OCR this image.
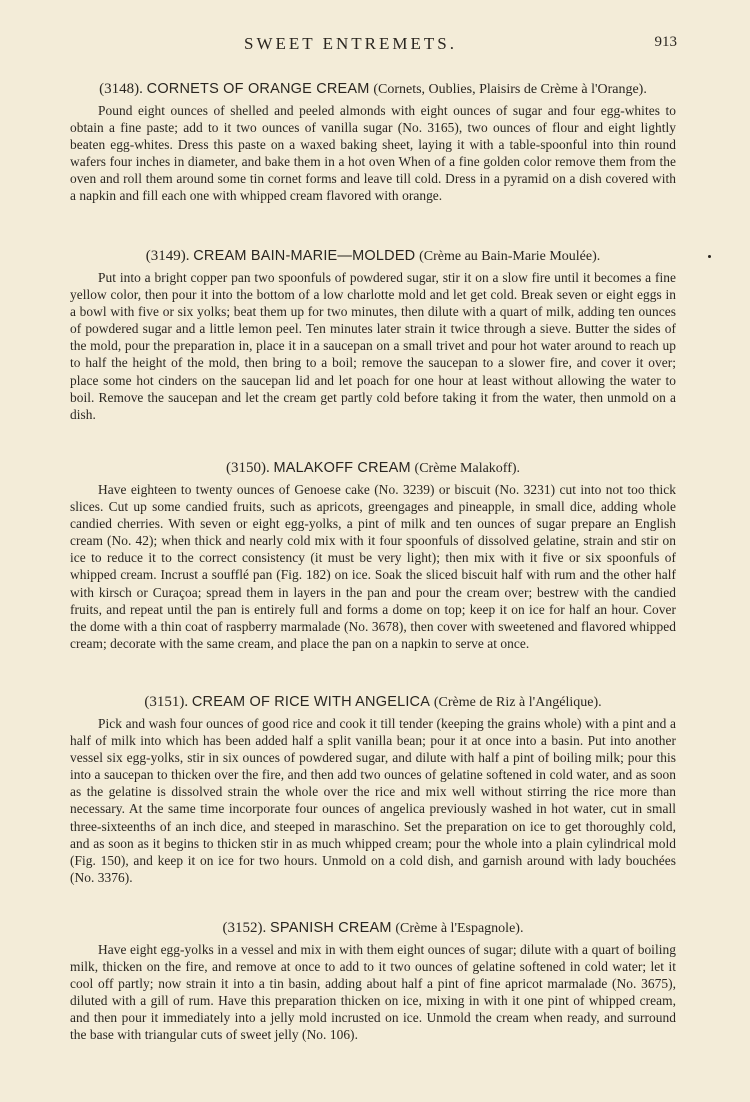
SWEET ENTREMETS.	913
(3148). CORNETS OF ORANGE CREAM (Cornets, Oublies, Plaisirs de Crème à l'Orange).

Pound eight ounces of shelled and peeled almonds with eight ounces of sugar and four egg-whites to obtain a fine paste; add to it two ounces of vanilla sugar (No. 3165), two ounces of flour and eight lightly beaten egg-whites. Dress this paste on a waxed baking sheet, laying it with a table-spoonful into thin round wafers four inches in diameter, and bake them in a hot oven When of a fine golden color remove them from the oven and roll them around some tin cornet forms and leave till cold. Dress in a pyramid on a dish covered with a napkin and fill each one with whipped cream flavored with orange.

(3149). CREAM BAIN-MARIE—MOLDED (Crème au Bain-Marie Moulée).

Put into a bright copper pan two spoonfuls of powdered sugar, stir it on a slow fire until it becomes a fine yellow color, then pour it into the bottom of a low charlotte mold and let get cold. Break seven or eight eggs in a bowl with five or six yolks; beat them up for two minutes, then dilute with a quart of milk, adding ten ounces of powdered sugar and a little lemon peel. Ten minutes later strain it twice through a sieve. Butter the sides of the mold, pour the preparation in, place it in a saucepan on a small trivet and pour hot water around to reach up to half the height of the mold, then bring to a boil; remove the saucepan to a slower fire, and cover it over; place some hot cinders on the saucepan lid and let poach for one hour at least without allowing the water to boil. Remove the saucepan and let the cream get partly cold before taking it from the water, then unmold on a dish.

(3150). MALAKOFF CREAM (Crème Malakoff).

Have eighteen to twenty ounces of Genoese cake (No. 3239) or biscuit (No. 3231) cut into not too thick slices. Cut up some candied fruits, such as apricots, greengages and pineapple, in small dice, adding whole candied cherries. With seven or eight egg-yolks, a pint of milk and ten ounces of sugar prepare an English cream (No. 42); when thick and nearly cold mix with it four spoonfuls of dissolved gelatine, strain and stir on ice to reduce it to the correct consistency (it must be very light); then mix with it five or six spoonfuls of whipped cream. Incrust a soufflé pan (Fig. 182) on ice. Soak the sliced biscuit half with rum and the other half with kirsch or Curaçoa; spread them in layers in the pan and pour the cream over; bestrew with the candied fruits, and repeat until the pan is entirely full and forms a dome on top; keep it on ice for half an hour. Cover the dome with a thin coat of raspberry marmalade (No. 3678), then cover with sweetened and flavored whipped cream; decorate with the same cream, and place the pan on a napkin to serve at once.

(3151). CREAM OF RICE WITH ANGELICA (Crème de Riz à l'Angélique).

Pick and wash four ounces of good rice and cook it till tender (keeping the grains whole) with a pint and a half of milk into which has been added half a split vanilla bean; pour it at once into a basin. Put into another vessel six egg-yolks, stir in six ounces of powdered sugar, and dilute with half a pint of boiling milk; pour this into a saucepan to thicken over the fire, and then add two ounces of gelatine softened in cold water, and as soon as the gelatine is dissolved strain the whole over the rice and mix well without stirring the rice more than necessary. At the same time incorporate four ounces of angelica previously washed in hot water, cut in small three-sixteenths of an inch dice, and steeped in maraschino. Set the preparation on ice to get thoroughly cold, and as soon as it begins to thicken stir in as much whipped cream; pour the whole into a plain cylindrical mold (Fig. 150), and keep it on ice for two hours. Unmold on a cold dish, and garnish around with lady bouchées (No. 3376).

(3152). SPANISH CREAM (Crème à l'Espagnole).

Have eight egg-yolks in a vessel and mix in with them eight ounces of sugar; dilute with a quart of boiling milk, thicken on the fire, and remove at once to add to it two ounces of gelatine softened in cold water; let it cool off partly; now strain it into a tin basin, adding about half a pint of fine apricot marmalade (No. 3675), diluted with a gill of rum. Have this preparation thicken on ice, mixing in with it one pint of whipped cream, and then pour it immediately into a jelly mold incrusted on ice. Unmold the cream when ready, and surround the base with triangular cuts of sweet jelly (No. 106).
